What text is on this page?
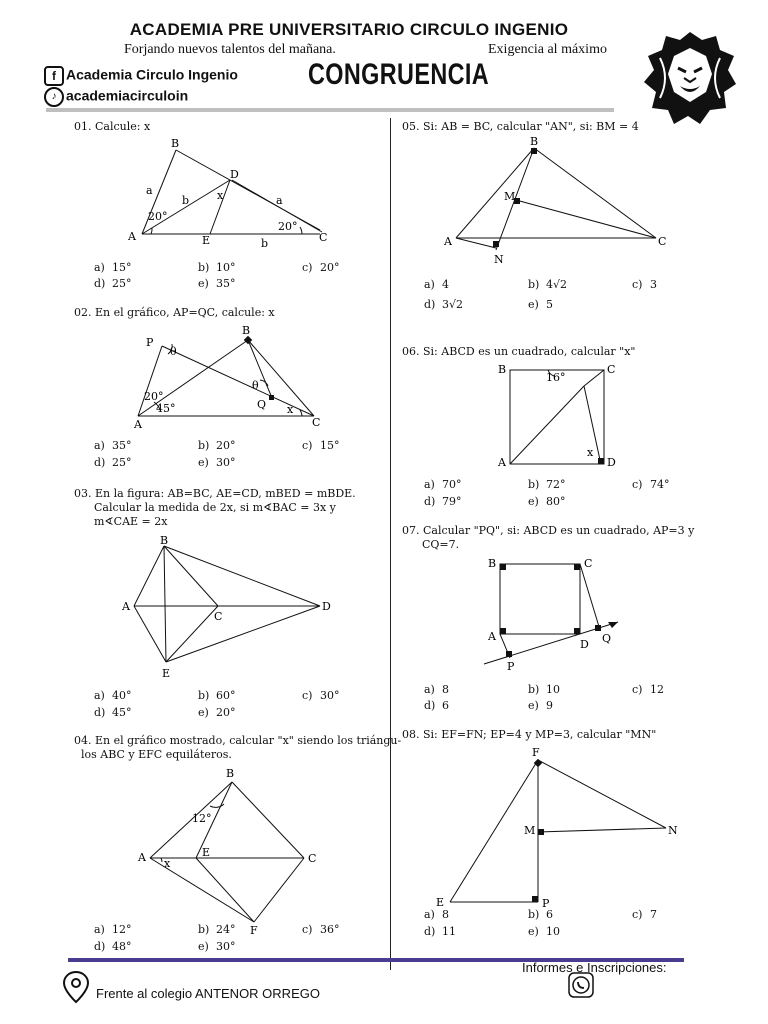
ACADEMIA PRE UNIVERSITARIO CIRCULO INGENIO
Forjando nuevos talentos del mañana.	Exigencia al máximo
f Academia Circulo Ingenio
♪ academiacirculoin
CONGRUENCIA
01. Calcule: x
B
a
D
x
b	a
20°
20°
A	E	b	C
a) 15°	b) 10°	c) 20°
d) 25°	e) 35°
02. En el gráfico, AP=QC, calcule: x
P
θ
B
θ
20°
45°	Q x
A	C
a) 35°	b) 20°	c) 15°
d) 25°	e) 30°
03. En la figura: AB=BC, AE=CD, mBED = mBDE.
Calcular la medida de 2x, si m∢BAC = 3x y
m∢CAE = 2x
B
A
C
D
E
a) 40°	b) 60°	c) 30°
d) 45°	e) 20°
04. En el gráfico mostrado, calcular "x" siendo los triángu-
los ABC y EFC equiláteros.
B
12°
A x
E	C
F
a) 12°	b) 24°	c) 36°
d) 48°	e) 30°
05. Si: AB = BC, calcular "AN", si: BM = 4
B
M
A
N
C
a) 4	b) 4√2	c) 3
d) 3√2	e) 5
06. Si: ABCD es un cuadrado, calcular "x"
B
16°
C
x
A	D
a) 70°	b) 72°	c) 74°
d) 79°	e) 80°
07. Calcular "PQ", si: ABCD es un cuadrado, AP=3 y
CQ=7.
B	C
A
D Q
P
a) 8	b) 10	c) 12
d) 6	e) 9
08. Si: EF=FN; EP=4 y MP=3, calcular "MN"
F
M	N
E	P
a) 8	b) 6	c) 7
d) 11	e) 10
Informes e Inscripciones:
Frente al colegio ANTENOR ORREGO
